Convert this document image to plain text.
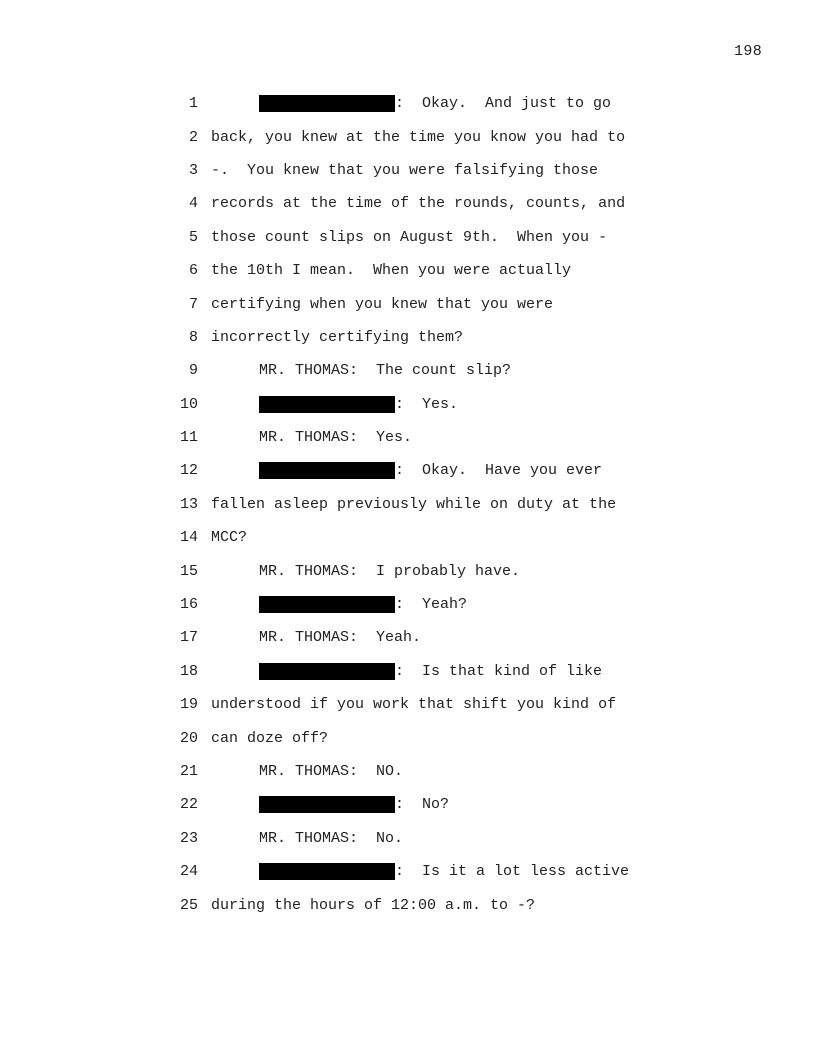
198
1	:  Okay.  And just to go
2 back, you knew at the time you know you had to
3 -.  You knew that you were falsifying those
4 records at the time of the rounds, counts, and
5 those count slips on August 9th.  When you -
6 the 10th I mean.  When you were actually
7 certifying when you knew that you were
8 incorrectly certifying them?
9	MR. THOMAS:  The count slip?
10	:  Yes.
11	MR. THOMAS:  Yes.
12	:  Okay.  Have you ever
13 fallen asleep previously while on duty at the
14 MCC?
15	MR. THOMAS:  I probably have.
16	:  Yeah?
17	MR. THOMAS:  Yeah.
18	:  Is that kind of like
19 understood if you work that shift you kind of
20 can doze off?
21	MR. THOMAS:  NO.
22	:  No?
23	MR. THOMAS:  No.
24	:  Is it a lot less active
25 during the hours of 12:00 a.m. to -?
